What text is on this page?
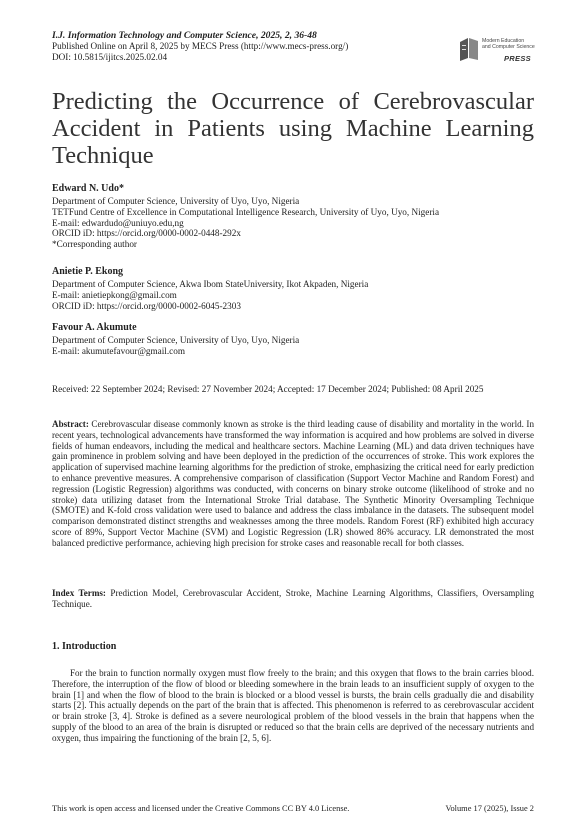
I.J. Information Technology and Computer Science, 2025, 2, 36-48
Published Online on April 8, 2025 by MECS Press (http://www.mecs-press.org/)
DOI: 10.5815/ijitcs.2025.02.04
Modern Education
and Computer Science
PRESS
Predicting the Occurrence of Cerebrovascular Accident in Patients using Machine Learning Technique
Edward N. Udo*
Department of Computer Science, University of Uyo, Uyo, Nigeria
TETFund Centre of Excellence in Computational Intelligence Research, University of Uyo, Uyo, Nigeria
E-mail: edwardudo@uniuyo.edu,ng
ORCID iD: https://orcid.org/0000-0002-0448-292x
*Corresponding author
Anietie P. Ekong
Department of Computer Science, Akwa Ibom StateUniversity, Ikot Akpaden, Nigeria
E-mail: anietiepkong@gmail.com
ORCID iD: https://orcid.org/0000-0002-6045-2303
Favour A. Akumute
Department of Computer Science, University of Uyo, Uyo, Nigeria
E-mail: akumutefavour@gmail.com
Received: 22 September 2024; Revised: 27 November 2024; Accepted: 17 December 2024; Published: 08 April 2025
Abstract: Cerebrovascular disease commonly known as stroke is the third leading cause of disability and mortality in the world. In recent years, technological advancements have transformed the way information is acquired and how problems are solved in diverse fields of human endeavors, including the medical and healthcare sectors. Machine Learning (ML) and data driven techniques have gain prominence in problem solving and have been deployed in the prediction of the occurrences of stroke. This work explores the application of supervised machine learning algorithms for the prediction of stroke, emphasizing the critical need for early prediction to enhance preventive measures. A comprehensive comparison of classification (Support Vector Machine and Random Forest) and regression (Logistic Regression) algorithms was conducted, with concerns on binary stroke outcome (likelihood of stroke and no stroke) data utilizing dataset from the International Stroke Trial database. The Synthetic Minority Oversampling Technique (SMOTE) and K-fold cross validation were used to balance and address the class imbalance in the datasets. The subsequent model comparison demonstrated distinct strengths and weaknesses among the three models. Random Forest (RF) exhibited high accuracy score of 89%, Support Vector Machine (SVM) and Logistic Regression (LR) showed 86% accuracy. LR demonstrated the most balanced predictive performance, achieving high precision for stroke cases and reasonable recall for both classes.
Index Terms: Prediction Model, Cerebrovascular Accident, Stroke, Machine Learning Algorithms, Classifiers, Oversampling Technique.
1. Introduction
For the brain to function normally oxygen must flow freely to the brain; and this oxygen that flows to the brain carries blood. Therefore, the interruption of the flow of blood or bleeding somewhere in the brain leads to an insufficient supply of oxygen to the brain [1] and when the flow of blood to the brain is blocked or a blood vessel is bursts, the brain cells gradually die and disability starts [2]. This actually depends on the part of the brain that is affected. This phenomenon is referred to as cerebrovascular accident or brain stroke [3, 4]. Stroke is defined as a severe neurological problem of the blood vessels in the brain that happens when the supply of the blood to an area of the brain is disrupted or reduced so that the brain cells are deprived of the necessary nutrients and oxygen, thus impairing the functioning of the brain [2, 5, 6].
This work is open access and licensed under the Creative Commons CC BY 4.0 License.	Volume 17 (2025), Issue 2
